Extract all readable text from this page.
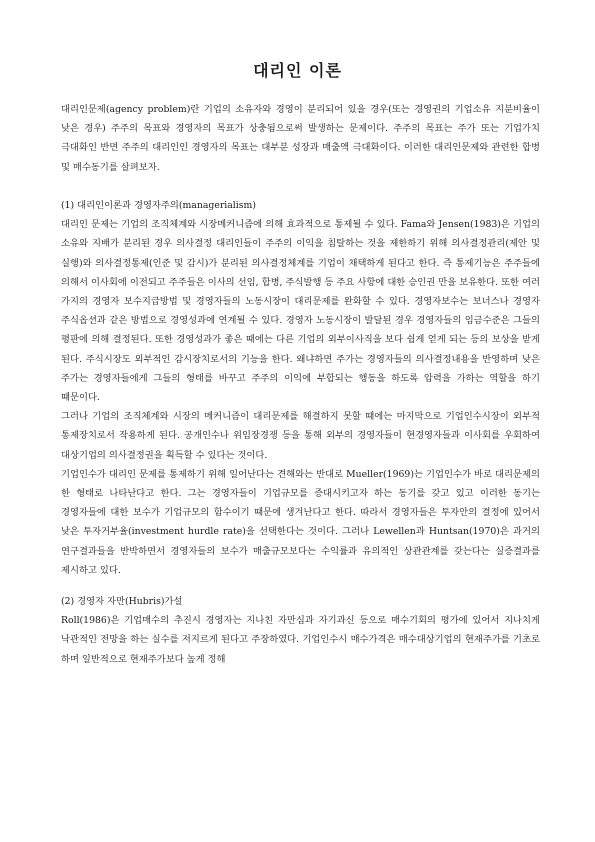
대리인 이론

대리인문제(agency problem)란 기업의 소유자와 경영이 분리되어 있을 경우(또는 경영권의 기업소유 지분비율이 낮은 경우) 주주의 목표와 경영자의 목표가 상충됨으로써 발생하는 문제이다. 주주의 목표는 주가 또는 기업가치 극대화인 반면 주주의 대리인인 경영자의 목표는 대부분 성장과 매출액 극대화이다. 이러한 대리인문제와 관련한 합병 및 매수동기를 살펴보자.

(1) 대리인이론과 경영자주의(managerialism)

대리인 문제는 기업의 조직체계와 시장메커니즘에 의해 효과적으로 통제될 수 있다. Fama와 Jensen(1983)은 기업의 소유와 지배가 분리된 경우 의사결정 대리인들이 주주의 이익을 침탈하는 것을 제한하기 위해 의사결정관리(제안 및 실행)와 의사결정통제(인준 및 감시)가 분리된 의사결정체계를 기업이 채택하게 된다고 한다. 즉 통제기능은 주주들에 의해서 이사회에 이전되고 주주들은 이사의 선임, 합병, 주식발행 등 주요 사항에 대한 승인권 만을 보유한다. 또한 여러 가지의 경영자 보수지급방법 및 경영자들의 노동시장이 대리문제를 완화할 수 있다. 경영자보수는 보너스나 경영자 주식옵션과 같은 방법으로 경영성과에 연계될 수 있다. 경영자 노동시장이 발달된 경우 경영자들의 임금수준은 그들의 평판에 의해 결정된다. 또한 경영성과가 좋은 때에는 다른 기업의 외부이사직을 보다 쉽게 얻게 되는 등의 보상을 받게 된다. 주식시장도 외부적인 감시장치로서의 기능을 한다. 왜냐하면 주가는 경영자들의 의사결정내용을 반영하며 낮은 주가는 경영자들에게 그들의 형태를 바꾸고 주주의 이익에 부합되는 행동을 하도록 압력을 가하는 역할을 하기 때문이다.

그러나 기업의 조직체계와 시장의 메커니즘이 대리문제를 해결하지 못할 때에는 마지막으로 기업인수시장이 외부적 통제장치로서 작용하게 된다. 공개인수나 위임장경쟁 등을 통해 외부의 경영자들이 현경영자들과 이사회를 우회하여 대상기업의 의사결정권을 획득할 수 있다는 것이다.

기업인수가 대리인 문제를 통제하기 위해 일어난다는 견해와는 반대로 Mueller(1969)는 기업인수가 바로 대리문제의 한 형태로 나타난다고 한다. 그는 경영자들이 기업규모를 증대시키고자 하는 동기를 갖고 있고 이러한 동기는 경영자들에 대한 보수가 기업규모의 함수이기 때문에 생겨난다고 한다. 따라서 경영자들은 투자안의 결정에 있어서 낮은 투자거부율(investment hurdle rate)을 선택한다는 것이다. 그러나 Lewellen과 Huntsan(1970)은 과거의 연구결과들을 반박하면서 경영자들의 보수가 매출규모보다는 수익률과 유의적인 상관관계를 갖는다는 실증결과를 제시하고 있다.

(2) 경영자 자만(Hubris)가설

Roll(1986)은 기업매수의 추진시 경영자는 지나친 자만심과 자기과신 등으로 매수기회의 평가에 있어서 지나치게 낙관적인 전망을 하는 실수를 저지르게 된다고 주장하였다. 기업인수시 매수가격은 매수대상기업의 현재주가를 기초로 하며 일반적으로 현재주가보다 높게 정해
